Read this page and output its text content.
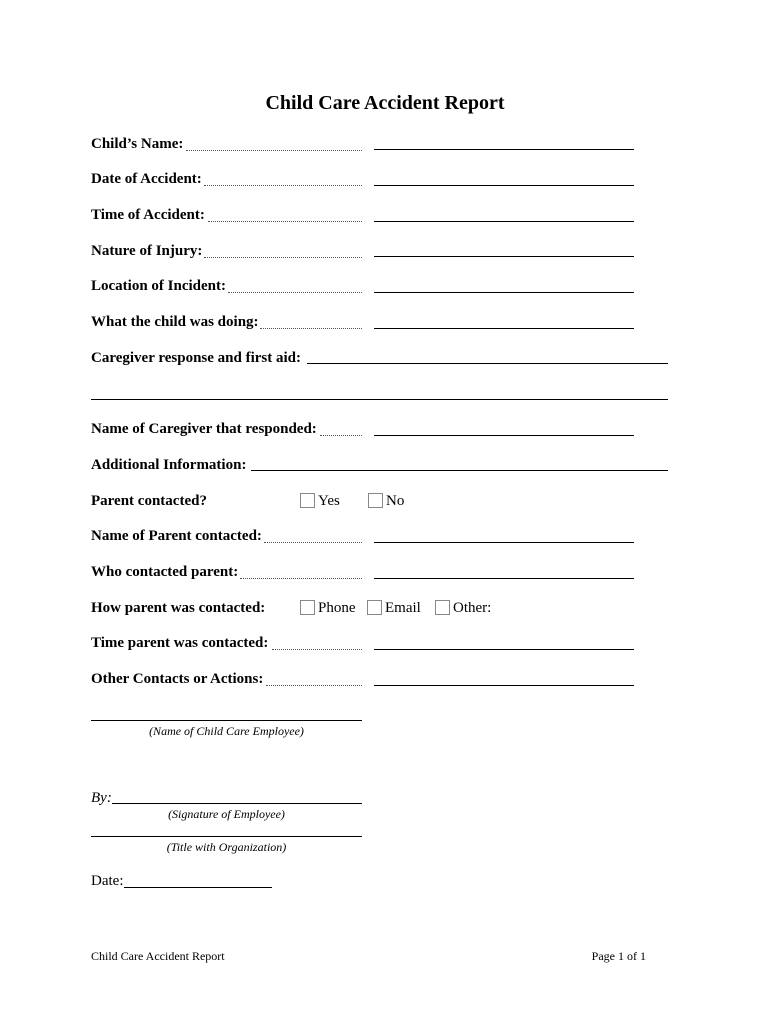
Child Care Accident Report
Child’s Name:
Date of Accident:
Time of Accident:
Nature of Injury:
Location of Incident:
What the child was doing:
Caregiver response and first aid:
Name of Caregiver that responded:
Additional Information:
Parent contacted?	Yes	No
Name of Parent contacted:
Who contacted parent:
How parent was contacted:	Phone Email Other:
Time parent was contacted:
Other Contacts or Actions:
(Name of Child Care Employee)
By:
(Signature of Employee)
(Title with Organization)
Date:
Child Care Accident Report	Page 1 of 1
